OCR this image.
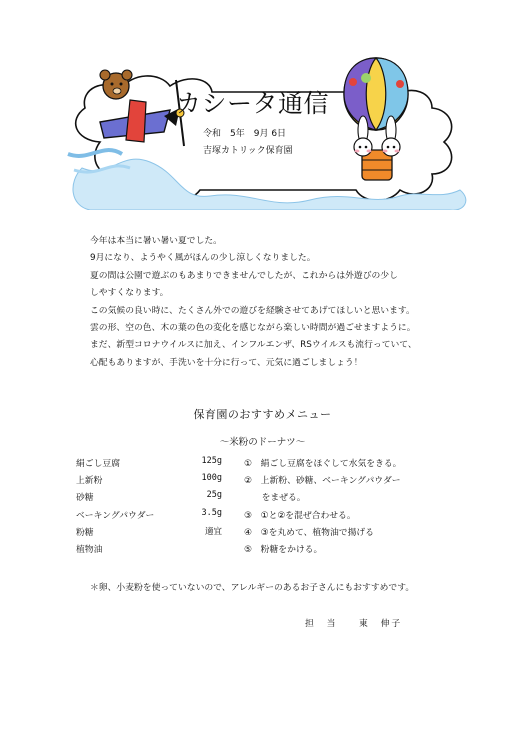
カシータ通信
令和　5年　9月 6日
吉塚カトリック保育園

今年は本当に暑い暑い夏でした。

9月になり、ようやく風がほんの少し涼しくなりました。

夏の間は公園で遊ぶのもあまりできませんでしたが、これからは外遊びの少し

しやすくなります。

この気候の良い時に、たくさん外での遊びを経験させてあげてほしいと思います。

雲の形、空の色、木の葉の色の変化を感じながら楽しい時間が過ごせますように。

まだ、新型コロナウイルスに加え、インフルエンザ、RSウイルスも流行っていて、

心配もありますが、手洗いを十分に行って、元気に過ごしましょう！

保育園のおすすめメニュー
～米粉のドーナツ～
絹ごし豆腐	125g
上新粉	100g
砂糖	25g
ベーキングパウダー	3.5g
粉糖	適宜
植物油
①　絹ごし豆腐をほぐして水気をきる。
②　上新粉、砂糖、ベーキングパウダー
　　をまぜる。
③　①と②を混ぜ合わせる。
④　③を丸めて、植物油で揚げる
⑤　粉糖をかける。
＊卵、小麦粉を使っていないので、アレルギーのあるお子さんにもおすすめです。
担　当　　東　伸子
